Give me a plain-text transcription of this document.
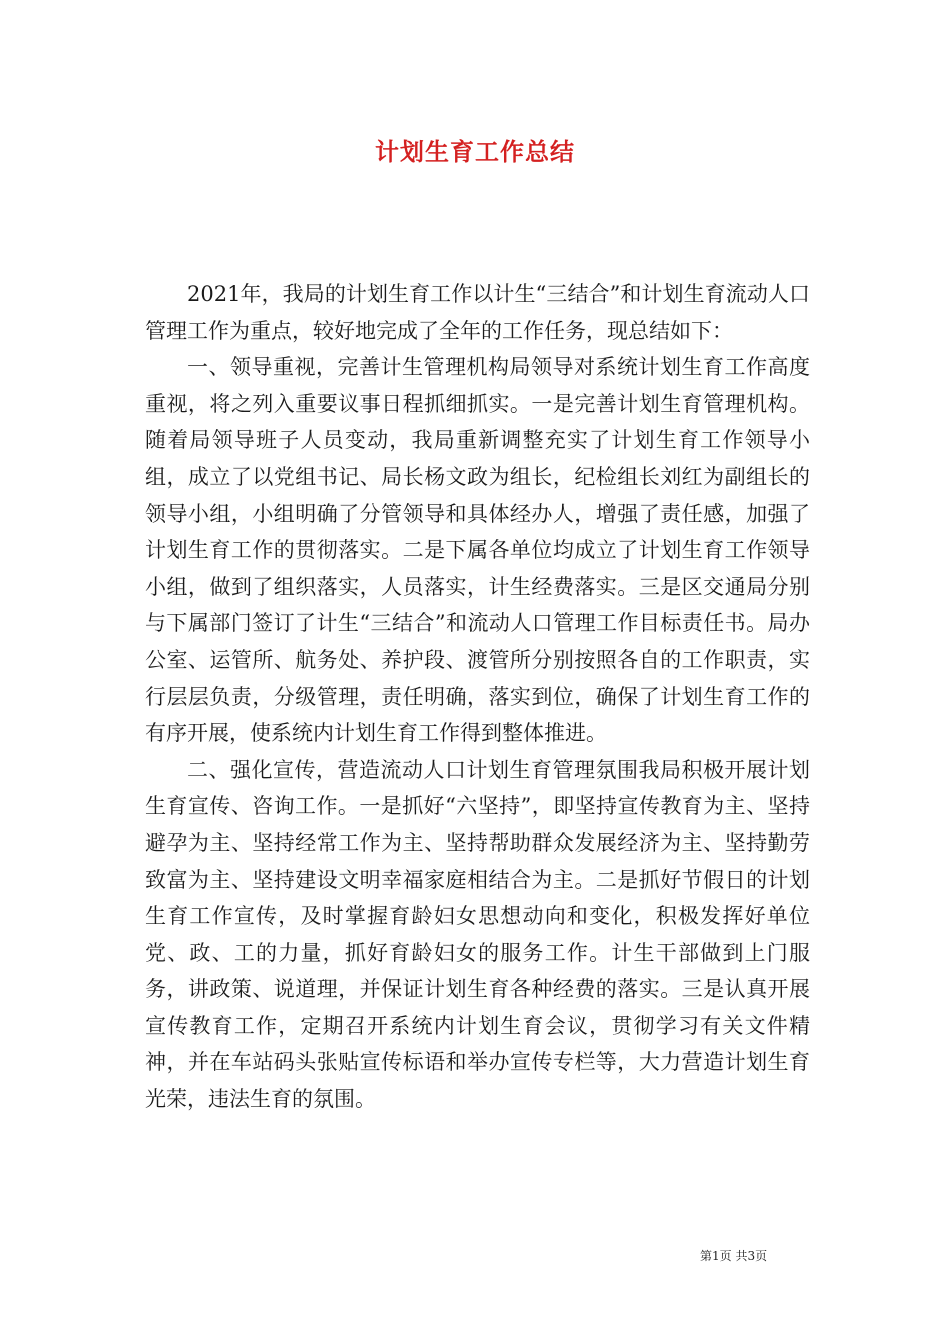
计划生育工作总结

2021年，我局的计划生育工作以计生“三结合”和计划生育流动人口管理工作为重点，较好地完成了全年的工作任务，现总结如下：

一、领导重视，完善计生管理机构局领导对系统计划生育工作高度重视，将之列入重要议事日程抓细抓实。一是完善计划生育管理机构。随着局领导班子人员变动，我局重新调整充实了计划生育工作领导小组，成立了以党组书记、局长杨文政为组长，纪检组长刘红为副组长的领导小组，小组明确了分管领导和具体经办人，增强了责任感，加强了计划生育工作的贯彻落实。二是下属各单位均成立了计划生育工作领导小组，做到了组织落实，人员落实，计生经费落实。三是区交通局分别与下属部门签订了计生“三结合”和流动人口管理工作目标责任书。局办公室、运管所、航务处、养护段、渡管所分别按照各自的工作职责，实行层层负责，分级管理，责任明确，落实到位，确保了计划生育工作的有序开展，使系统内计划生育工作得到整体推进。

二、强化宣传，营造流动人口计划生育管理氛围我局积极开展计划生育宣传、咨询工作。一是抓好“六坚持”，即坚持宣传教育为主、坚持避孕为主、坚持经常工作为主、坚持帮助群众发展经济为主、坚持勤劳致富为主、坚持建设文明幸福家庭相结合为主。二是抓好节假日的计划生育工作宣传，及时掌握育龄妇女思想动向和变化，积极发挥好单位党、政、工的力量，抓好育龄妇女的服务工作。计生干部做到上门服务，讲政策、说道理，并保证计划生育各种经费的落实。三是认真开展宣传教育工作，定期召开系统内计划生育会议，贯彻学习有关文件精神，并在车站码头张贴宣传标语和举办宣传专栏等，大力营造计划生育光荣，违法生育的氛围。

第1页 共3页
